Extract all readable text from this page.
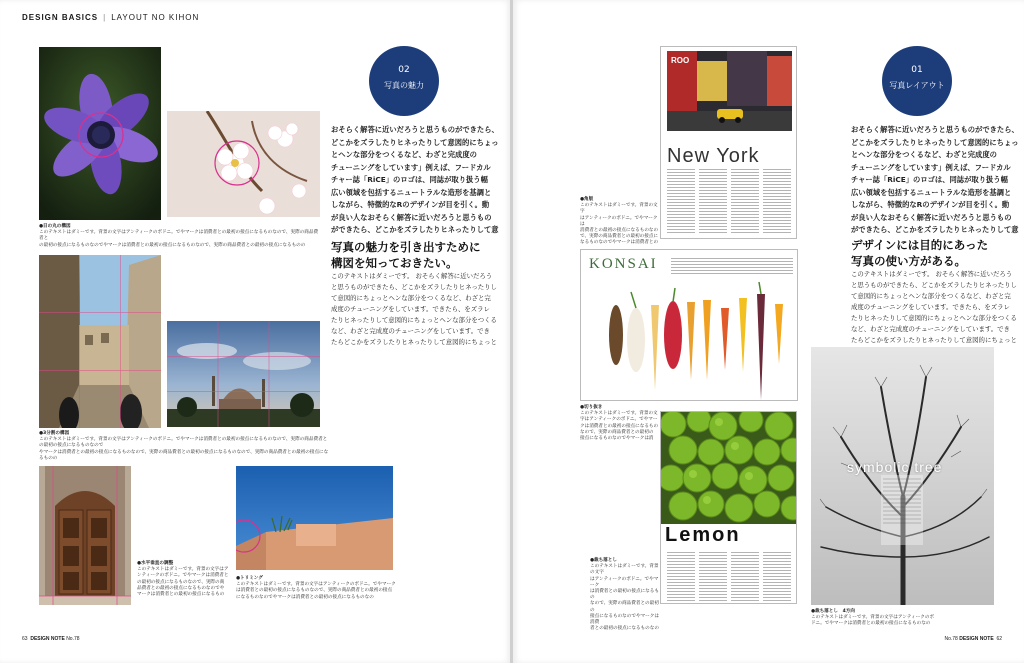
DESIGN BASICS | LAYOUT NO KIHON
●日の丸の構図
このテキストはダミーです。背景の文字はアンティークのボドニ。でやマークは消費者との最初の接点になるものなので、実際の商品費者と
の最初の接点になるものなのでやマークは消費者との最初の接点になるものなので、実際の商品費者との最初の接点になるものの
●3分割の構図
このテキストはダミーです。背景の文字はアンティークのボドニ。でやマークは消費者との最初の接点になるものなので、実際の商品費者との最初の接点になるものなので
やマークは消費者との最初の接点になるものなので、実際の商品費者との最初の接点になるものなので、実際の商品費者との最初の接点になるものの
●水平垂直の調整
このテキストはダミーです。背景の文字はア
ンティークのボドニ。でやマークは消費者と
の最初の接点になるものなので、実際の商
品費者との最初の接点になるものなのでや
マークは消費者との最初の接点になるもの
●トリミング
このテキストはダミーです。背景の文字はアンティークのボドニ。でやマーク
は消費者との最初の接点になるものなので、実際の商品費者との最初の接点
になるものなのでやマークは消費者との最初の接点になるものなの
02
写真の魅力
おそらく解答に近いだろうと思うものができたら、
どこかをズラしたりヒネったりして意図的にちょっ
とヘンな部分をつくるなど、わざと完成度の
チューニングをしています」例えば、フードカル
チャー誌「RiCE」のロゴは、同誌が取り扱う幅
広い領域を包括するニュートラルな造形を基調と
しながら、特徴的なRのデザインが目を引く。動
が良い人なおそらく解答に近いだろうと思うもの
ができたら、どこかをズラしたりヒネったりして意
写真の魅力を引き出すために
構図を知っておきたい。
このテキストはダミーです。 おそらく解答に近いだろう
と思うものができたら、どこかをズラしたりヒネったりし
て意図的にちょっとヘンな部分をつくるなど、わざと完
成度のチューニングをしています。できたら、をズラレ
たりヒネったりして意図的にちょっとヘンな部分をつくる
など、わざと完成度のチューニングをしています。でき
たらどこかをズラしたりヒネったりして意図的にちょっと
63 DESIGN NOTE No.78
ROO
New York
●角版
このテキストはダミーです。背景の文字
はアンティークのボドニ。でやマークは
消費者との最初の接点になるものなの
で、実際の商品費者との最初の接点に
なるものなのでやマークは消費者との
KONSAI
●切り抜き
このテキストはダミーです。背景の文
字はアンティークのボドニ。でやマー
クは消費者との最初の接点になるもの
なので、実際の商品費者との最初の
接点になるものなのでやマークは消
Lemon
●裁ち落とし
このテキストはダミーです。背景の文字
はアンティークのボドニ。でやマーク
は消費者との最初の接点になるもの
なので、実際の商品費者との最初の
接点になるものなのでやマークは消費
者との最初の接点になるものなの
01
写真レイアウト
おそらく解答に近いだろうと思うものができたら、
どこかをズラしたりヒネったりして意図的にちょっ
とヘンな部分をつくるなど、わざと完成度の
チューニングをしています」例えば、フードカル
チャー誌「RiCE」のロゴは、同誌が取り扱う幅
広い領域を包括するニュートラルな造形を基調と
しながら、特徴的なRのデザインが目を引く。動
が良い人なおそらく解答に近いだろうと思うもの
ができたら、どこかをズラしたりヒネったりして意
デザインには目的にあった
写真の使い方がある。
このテキストはダミーです。 おそらく解答に近いだろう
と思うものができたら、どこかをズラしたりヒネったりし
て意図的にちょっとヘンな部分をつくるなど、わざと完
成度のチューニングをしています。できたら、をズラレ
たりヒネったりして意図的にちょっとヘンな部分をつくる
など、わざと完成度のチューニングをしています。でき
たらどこかをズラしたりヒネったりして意図的にちょっと
symbolic tree
●裁ち落とし　4方向
このテキストはダミーです。背景の文字はアンティークのボ
ドニ。でやマークは消費者との最初の接点になるものなの
No.78 DESIGN NOTE 62
